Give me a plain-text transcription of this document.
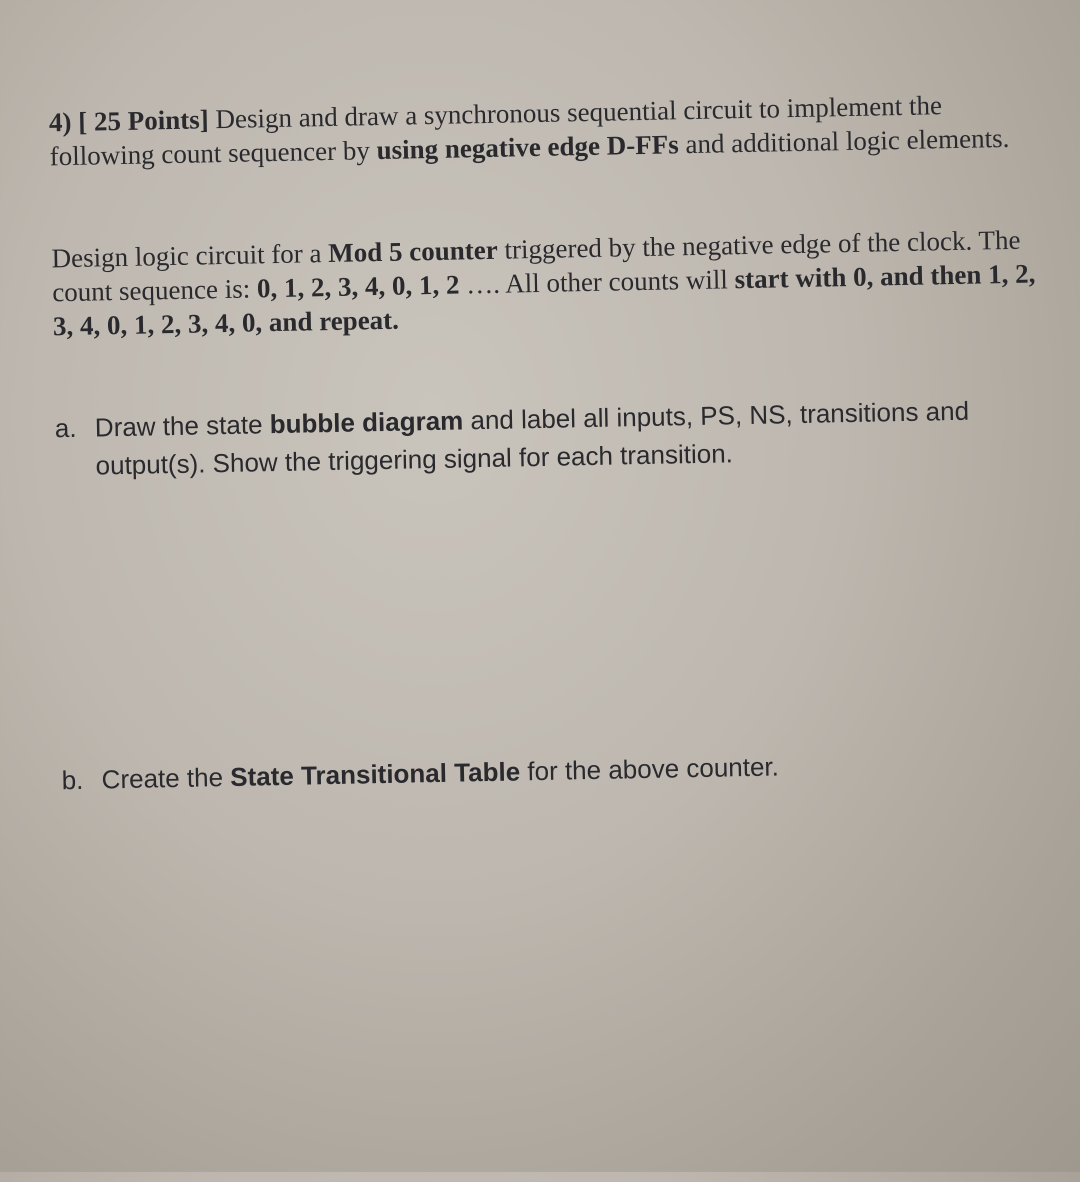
4) [ 25 Points] Design and draw a synchronous sequential circuit to implement the following count sequencer by using negative edge D-FFs and additional logic elements.

Design logic circuit for a Mod 5 counter triggered by the negative edge of the clock. The count sequence is: 0, 1, 2, 3, 4, 0, 1, 2 …. All other counts will start with 0, and then 1, 2, 3, 4, 0, 1, 2, 3, 4, 0, and repeat.

a. Draw the state bubble diagram and label all inputs, PS, NS, transitions and output(s). Show the triggering signal for each transition.
b. Create the State Transitional Table for the above counter.
